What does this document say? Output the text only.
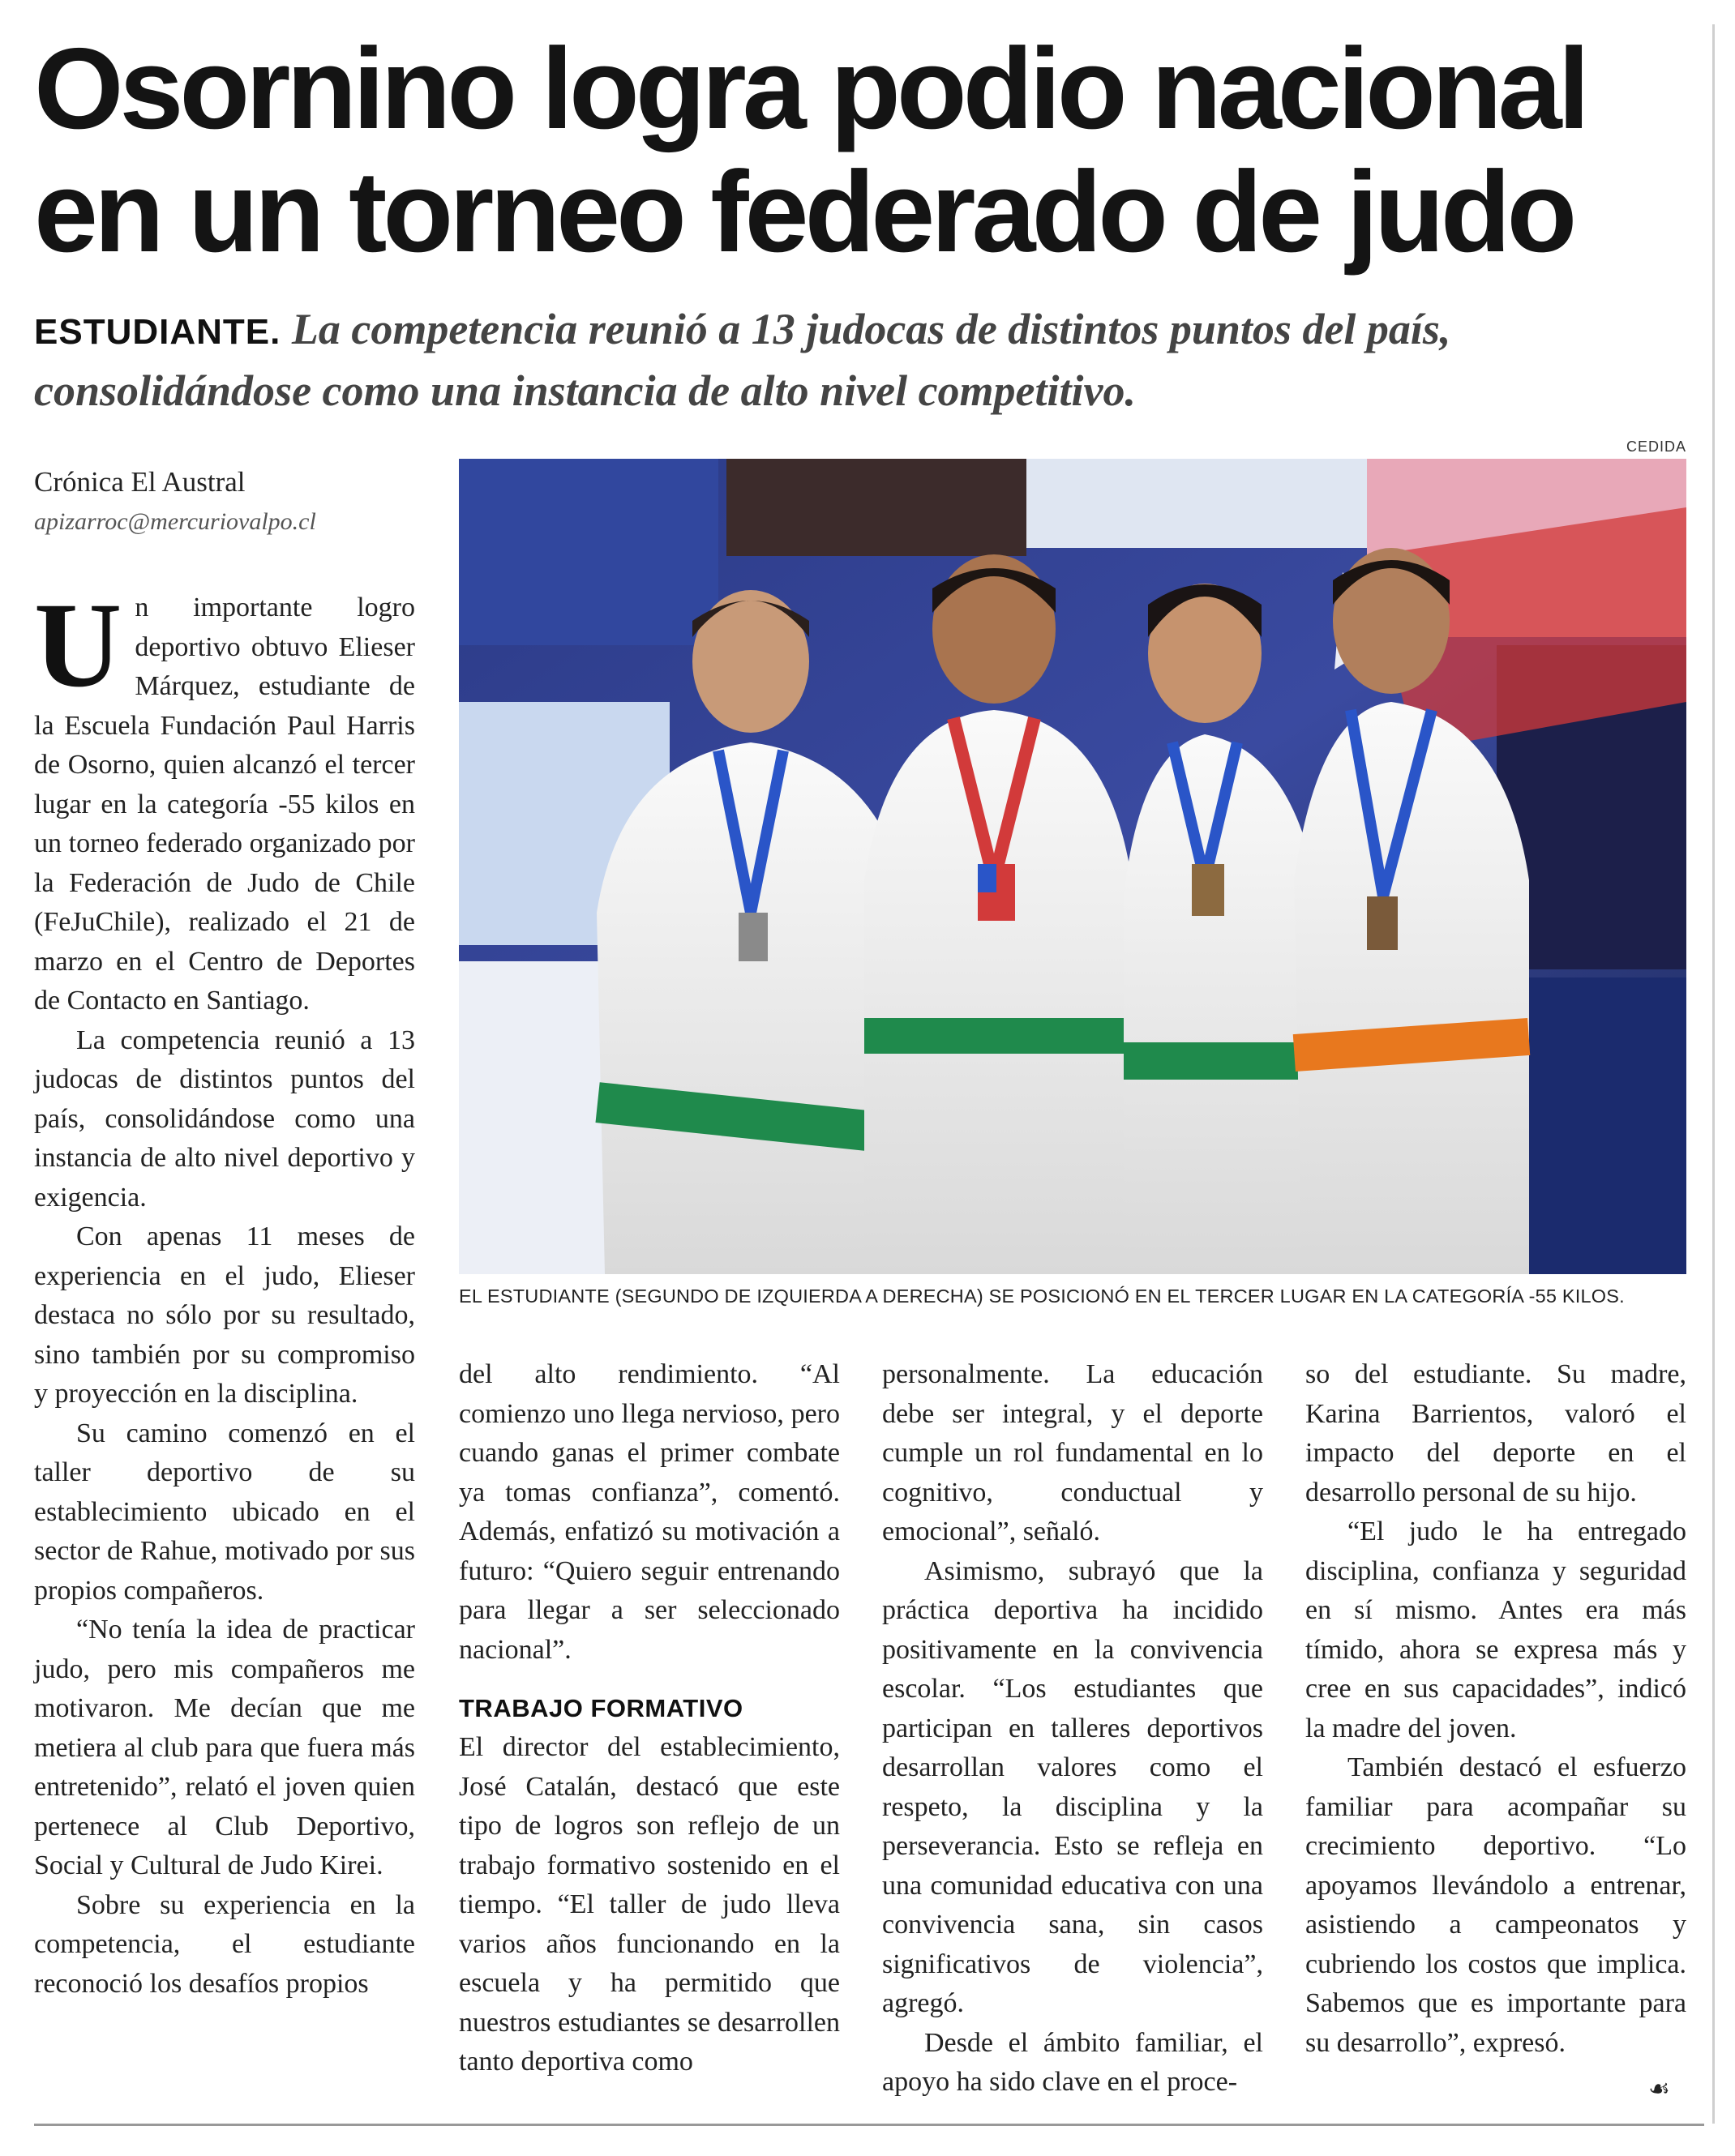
Osornino logra podio nacional
en un torneo federado de judo
ESTUDIANTE. La competencia reunió a 13 judocas de distintos puntos del país, consolidándose como una instancia de alto nivel competitivo.
Crónica El Austral
apizarroc@mercuriovalpo.cl
CEDIDA
EL ESTUDIANTE (SEGUNDO DE IZQUIERDA A DERECHA) SE POSICIONÓ EN EL TERCER LUGAR EN LA CATEGORÍA -55 KILOS.

Un importante logro deportivo obtuvo Elieser Márquez, estudiante de la Escuela Fundación Paul Harris de Osorno, quien alcanzó el tercer lugar en la categoría -55 kilos en un torneo federado organizado por la Federación de Judo de Chile (FeJuChile), realizado el 21 de marzo en el Centro de Deportes de Contacto en Santiago.

La competencia reunió a 13 judocas de distintos puntos del país, consolidándose como una instancia de alto nivel deportivo y exigencia.

Con apenas 11 meses de experiencia en el judo, Elieser destaca no sólo por su resultado, sino también por su compromiso y proyección en la disciplina.

Su camino comenzó en el taller deportivo de su establecimiento ubicado en el sector de Rahue, motivado por sus propios compañeros.

“No tenía la idea de practicar judo, pero mis compañeros me motivaron. Me decían que me metiera al club para que fuera más entretenido”, relató el joven quien pertenece al Club Deportivo, Social y Cultural de Judo Kirei.

Sobre su experiencia en la competencia, el estudiante reconoció los desafíos propios

del alto rendimiento. “Al comienzo uno llega nervioso, pero cuando ganas el primer combate ya tomas confianza”, comentó. Además, enfatizó su motivación a futuro: “Quiero seguir entrenando para llegar a ser seleccionado nacional”.

TRABAJO FORMATIVO

El director del establecimiento, José Catalán, destacó que este tipo de logros son reflejo de un trabajo formativo sostenido en el tiempo. “El taller de judo lleva varios años funcionando en la escuela y ha permitido que nuestros estudiantes se desarrollen tanto deportiva como

personalmente. La educación debe ser integral, y el deporte cumple un rol fundamental en lo cognitivo, conductual y emocional”, señaló.

Asimismo, subrayó que la práctica deportiva ha incidido positivamente en la convivencia escolar. “Los estudiantes que participan en talleres deportivos desarrollan valores como el respeto, la disciplina y la perseverancia. Esto se refleja en una comunidad educativa con una convivencia sana, sin casos significativos de violencia”, agregó.

Desde el ámbito familiar, el apoyo ha sido clave en el proce-

so del estudiante. Su madre, Karina Barrientos, valoró el impacto del deporte en el desarrollo personal de su hijo.

“El judo le ha entregado disciplina, confianza y seguridad en sí mismo. Antes era más tímido, ahora se expresa más y cree en sus capacidades”, indicó la madre del joven.

También destacó el esfuerzo familiar para acompañar su crecimiento deportivo. “Lo apoyamos llevándolo a entrenar, asistiendo a campeonatos y cubriendo los costos que implica. Sabemos que es importante para su desarrollo”, expresó.

☙
